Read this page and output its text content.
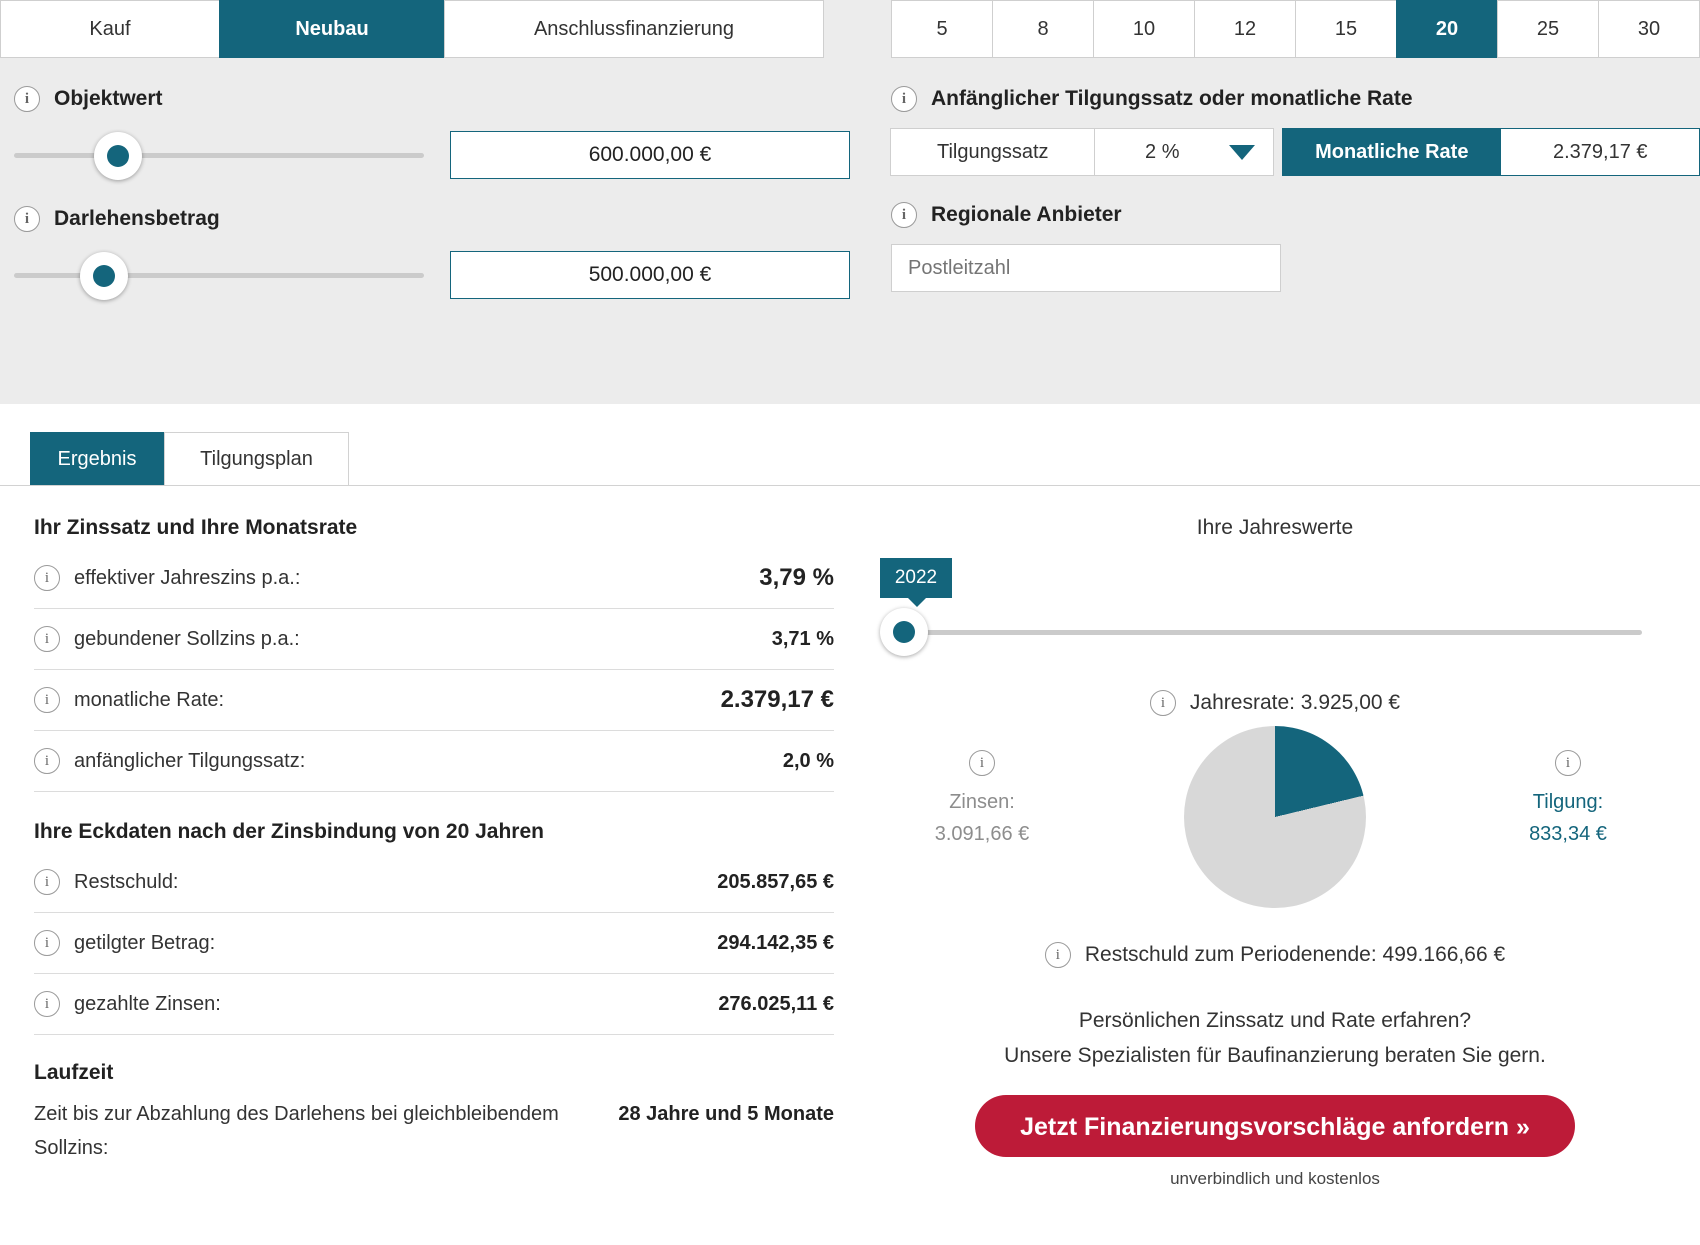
Kauf	Neubau	Anschlussfinanzierung
i	Objektwert
600.000,00 €
i	Darlehensbetrag
500.000,00 €
5	8	10	12	15	20	25	30
i	Anfänglicher Tilgungssatz oder monatliche Rate
Tilgungssatz	2 %	Monatliche Rate	2.379,17 €
i	Regionale Anbieter
Postleitzahl
Ergebnis	Tilgungsplan
Ihr Zinssatz und Ihre Monatsrate
i	effektiver Jahreszins p.a.:	3,79 %
i	gebundener Sollzins p.a.:	3,71 %
i	monatliche Rate:	2.379,17 €
i	anfänglicher Tilgungssatz:	2,0 %
Ihre Eckdaten nach der Zinsbindung von 20 Jahren
i	Restschuld:	205.857,65 €
i	getilgter Betrag:	294.142,35 €
i	gezahlte Zinsen:	276.025,11 €
Laufzeit
Zeit bis zur Abzahlung des Darlehens bei gleichbleibendem Sollzins:
28 Jahre und 5 Monate
Ihre Jahreswerte
2022
i	Jahresrate: 3.925,00 €
i
Zinsen:
3.091,66 €
i
Tilgung:
833,34 €
i	Restschuld zum Periodenende: 499.166,66 €
Persönlichen Zinssatz und Rate erfahren?
Unsere Spezialisten für Baufinanzierung beraten Sie gern.
Jetzt Finanzierungsvorschläge anfordern »
unverbindlich und kostenlos
